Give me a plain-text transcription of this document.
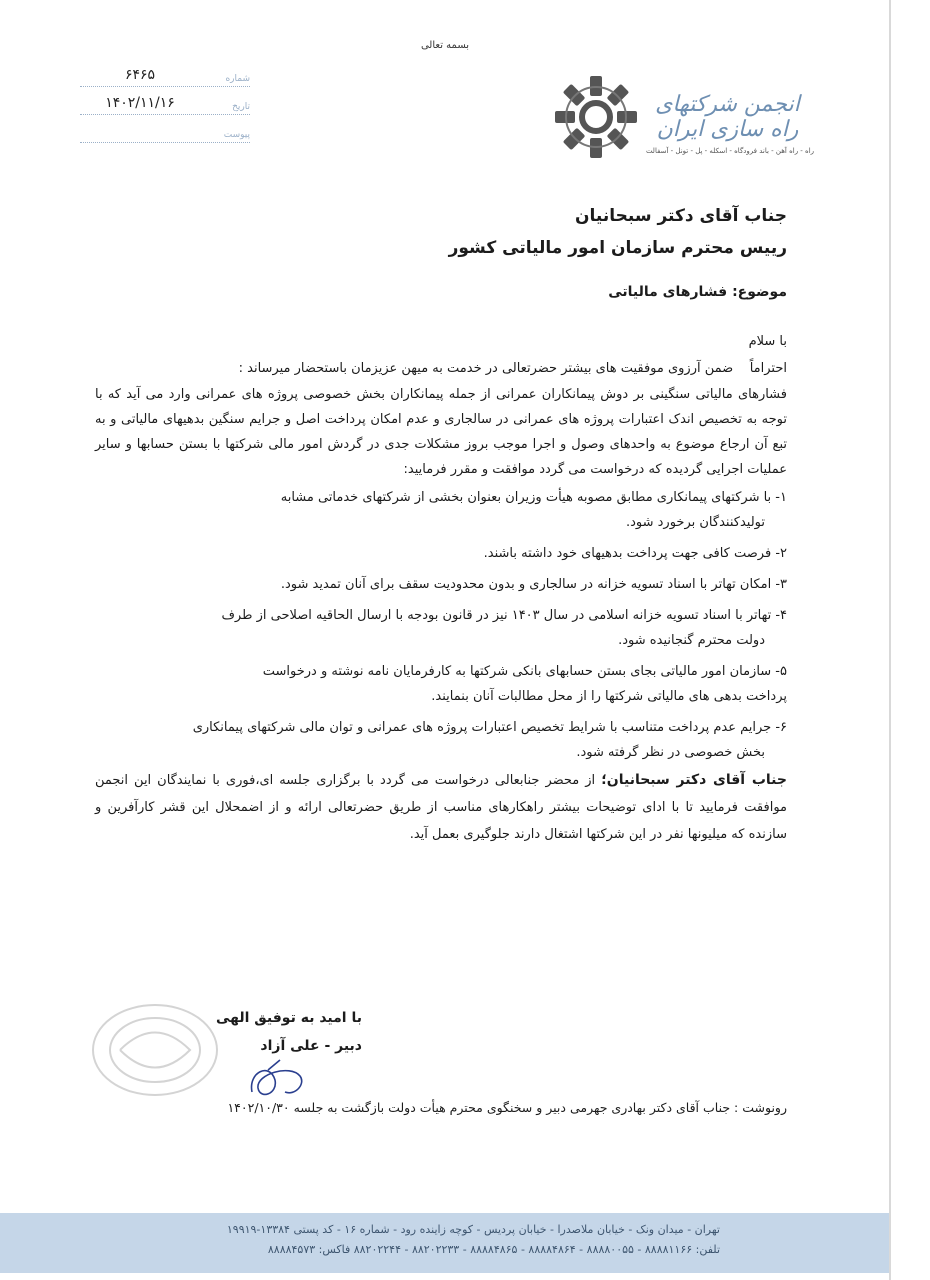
بسمه تعالی
۶۴۶۵	شماره
۱۴۰۲/۱۱/۱۶	تاریخ
پیوست
انجمن شرکتهای راه سازی ایران
راه - راه آهن - باند فرودگاه - اسکله - پل - تونل - آسفالت
جناب آقای دکتر سبحانیان
رییس محترم سازمان امور مالیاتی کشور
موضوع: فشارهای مالیاتی
با سلام
احتراماً    ضمن آرزوی موفقیت های بیشتر حضرتعالی در خدمت به میهن عزیزمان باستحضار میرساند :

فشارهای مالیاتی سنگینی بر دوش پیمانکاران عمرانی از جمله پیمانکاران بخش خصوصی پروژه های عمرانی وارد می آید که با توجه به تخصیص اندک اعتبارات پروژه های عمرانی در سالجاری و عدم امکان پرداخت اصل و جرایم سنگین بدهیهای مالیاتی و به تبع آن ارجاع موضوع به واحدهای وصول و اجرا موجب بروز مشکلات جدی در گردش امور مالی شرکتها با بستن حسابها و سایر عملیات اجرایی گردیده که درخواست می گردد موافقت و مقرر فرمایید:

۱- با شرکتهای پیمانکاری مطابق مصوبه هیأت وزیران بعنوان بخشی از شرکتهای خدماتی مشابه

تولیدکنندگان برخورد شود.

۲- فرصت کافی جهت پرداخت بدهیهای خود داشته باشند.

۳- امکان تهاتر با اسناد تسویه خزانه در سالجاری و بدون محدودیت سقف برای آنان تمدید شود.

۴- تهاتر با اسناد تسویه خزانه اسلامی در سال ۱۴۰۳ نیز در قانون بودجه با ارسال الحاقیه اصلاحی از طرف

دولت محترم گنجانیده شود.

۵- سازمان امور مالیاتی بجای بستن حسابهای بانکی شرکتها به کارفرمایان نامه نوشته و درخواست

پرداخت بدهی های مالیاتی شرکتها را از محل مطالبات آنان بنمایند.

۶- جرایم عدم پرداخت متناسب با شرایط تخصیص اعتبارات پروژه های عمرانی و توان مالی شرکتهای پیمانکاری

بخش خصوصی در نظر گرفته شود.

جناب آقای دکتر سبحانیان؛ از محضر جنابعالی درخواست می گردد با برگزاری جلسه ای،فوری با نمایندگان این انجمن موافقت فرمایید تا با ادای توضیحات بیشتر راهکارهای مناسب از طریق حضرتعالی ارائه و از اضمحلال این قشر کارآفرین و سازنده که میلیونها نفر در این شرکتها اشتغال دارند جلوگیری بعمل آید.
با امید به توفیق الهی
دبیر - علی آزاد
رونوشت : جناب آقای دکتر بهادری جهرمی دبیر و سخنگوی محترم هیأت دولت بازگشت به جلسه ۱۴۰۲/۱۰/۳۰
تهران - میدان ونک - خیابان ملاصدرا - خیابان پردیس - کوچه زاینده رود - شماره ۱۶ - کد پستی ۱۳۳۸۴-۱۹۹۱۹
تلفن: ۸۸۸۸۱۱۶۶ - ۸۸۸۸۰۰۵۵ - ۸۸۸۸۴۸۶۴ - ۸۸۸۸۴۸۶۵ - ۸۸۲۰۲۲۳۳ - ۸۸۲۰۲۲۴۴ فاکس: ۸۸۸۸۴۵۷۳
